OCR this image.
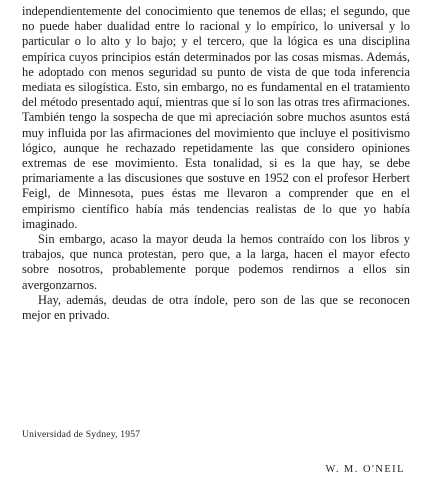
independientemente del conocimiento que tenemos de ellas; el segundo, que no puede haber dualidad entre lo racional y lo empírico, lo universal y lo particular o lo alto y lo bajo; y el tercero, que la lógica es una disciplina empírica cuyos principios están determinados por las cosas mismas. Además, he adoptado con menos seguridad su punto de vista de que toda inferencia mediata es silogística. Esto, sin embargo, no es fundamental en el tratamiento del método presentado aquí, mientras que sí lo son las otras tres afirmaciones. También tengo la sospecha de que mi apreciación sobre muchos asuntos está muy influida por las afirmaciones del movimiento que incluye el positivismo lógico, aunque he rechazado repetidamente las que considero opiniones extremas de ese movimiento. Esta tonalidad, si es la que hay, se debe primariamente a las discusiones que sostuve en 1952 con el profesor Herbert Feigl, de Minnesota, pues éstas me llevaron a comprender que en el empirismo científico había más tendencias realistas de lo que yo había imaginado.

Sin embargo, acaso la mayor deuda la hemos contraído con los libros y trabajos, que nunca protestan, pero que, a la larga, hacen el mayor efecto sobre nosotros, probablemente porque podemos rendirnos a ellos sin avergonzarnos.

Hay, además, deudas de otra índole, pero son de las que se reconocen mejor en privado.

Universidad de Sydney, 1957
W. M. O'NEIL
